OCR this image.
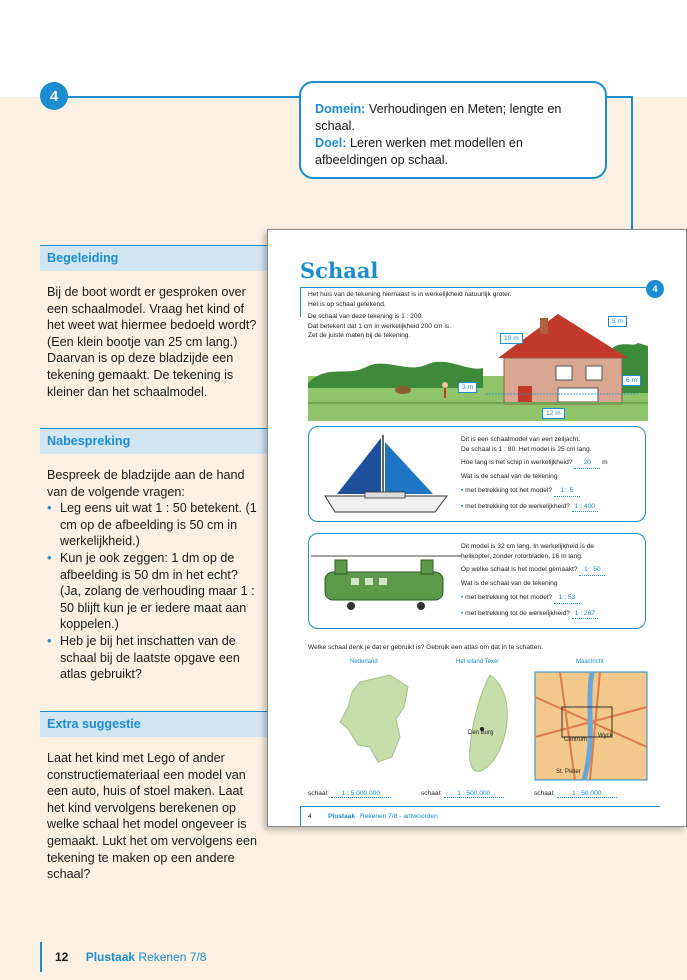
4
Domein: Verhoudingen en Meten; lengte en schaal.
Doel: Leren werken met modellen en afbeeldingen op schaal.
Begeleiding
Bij de boot wordt er gesproken over een schaalmodel. Vraag het kind of het weet wat hiermee bedoeld wordt? (Een klein bootje van 25 cm lang.) Daarvan is op deze bladzijde een tekening gemaakt. De tekening is kleiner dan het schaalmodel.
Nabespreking
Bespreek de bladzijde aan de hand van de volgende vragen:
• Leg eens uit wat 1 : 50 betekent. (1 cm op de afbeelding is 50 cm in werkelijkheid.)
• Kun je ook zeggen: 1 dm op de afbeelding is 50 dm in het echt? (Ja, zolang de verhouding maar 1 : 50 blijft kun je er iedere maat aan koppelen.)
• Heb je bij het inschatten van de schaal bij de laatste opgave een atlas gebruikt?
Extra suggestie
Laat het kind met Lego of ander constructiemateriaal een model van een auto, huis of stoel maken. Laat het kind vervolgens berekenen op welke schaal het model ongeveer is gemaakt. Lukt het om vervolgens een tekening te maken op een andere schaal?
12 Plustaak Rekenen 7/8
Schaal
4
Het huis van de tekening hiernaast is in werkelijkheid natuurlijk groter.
Het is op schaal getekend.
De schaal van deze tekening is 1 : 200.
Dat betekent dat 1 cm in werkelijkheid 200 cm is.
Zet de juiste maten bij de tekening.	10 m
5 m
3 m
6 m
12 m
Dit is een schaalmodel van een zeiljacht.
De schaal is 1 : 80. Het model is 25 cm lang.
Hoe lang is het schip in werkelijkheid? 20 m
Wat is de schaal van de tekening
• met betrekking tot het model? 1 : 5
• met betrekking tot de werkelijkheid? 1 : 400
Dit model is 32 cm lang. In werkelijkheid is de
helikopter, zonder rotorbladen, 16 m lang.
Op welke schaal is het model gemaakt? 1 : 50
Wat is de schaal van de tekening
• met betrekking tot het model? 1 : 53
• met betrekking tot de werkelijkheid? 1 : 267
Welke schaal denk je dat er gebruikt is? Gebruik een atlas om dat in te schatten.
Nederland	Het eiland Texel	Maastricht
Den Burg
Centrum
Wyck
St. Pieter
schaal: 1 : 5.000.000	schaal: 1 : 500.000	schaal:	1 : 50.000
4 Plustaak Rekenen 7/8 - antwoorden
